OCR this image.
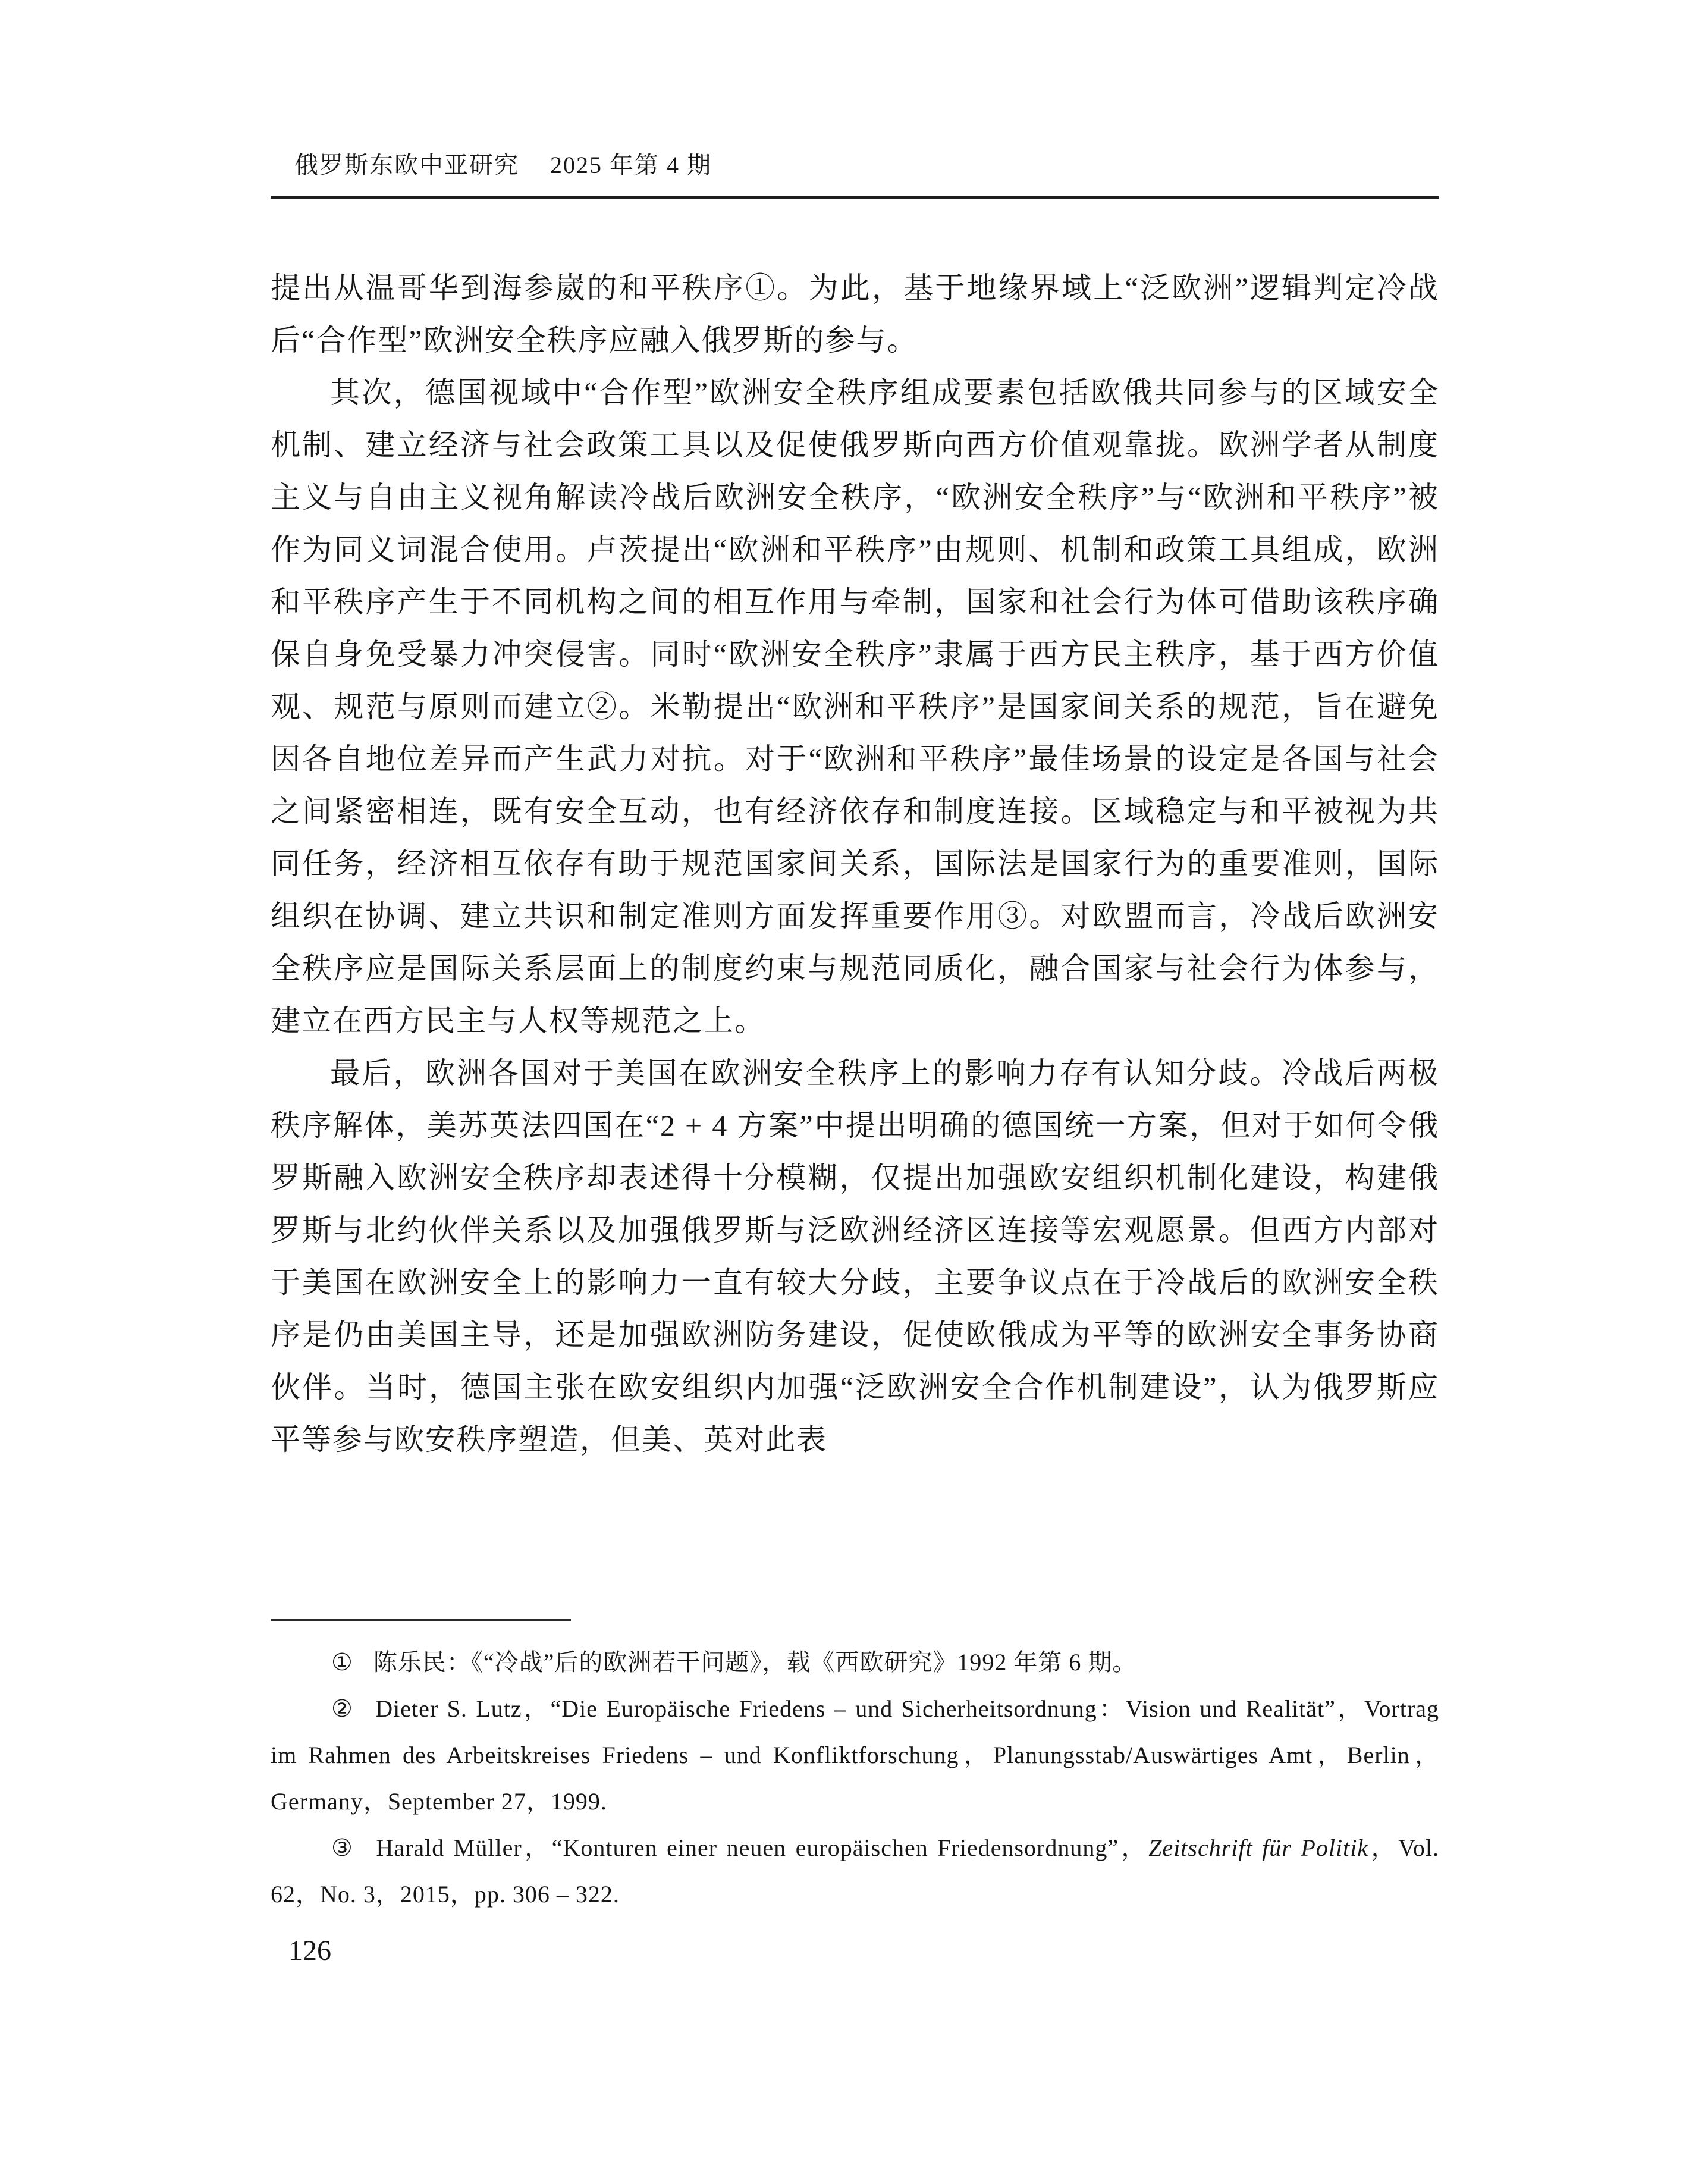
俄罗斯东欧中亚研究 2025 年第 4 期

提出从温哥华到海参崴的和平秩序①。为此，基于地缘界域上“泛欧洲”逻辑判定冷战后“合作型”欧洲安全秩序应融入俄罗斯的参与。

其次，德国视域中“合作型”欧洲安全秩序组成要素包括欧俄共同参与的区域安全机制、建立经济与社会政策工具以及促使俄罗斯向西方价值观靠拢。欧洲学者从制度主义与自由主义视角解读冷战后欧洲安全秩序，“欧洲安全秩序”与“欧洲和平秩序”被作为同义词混合使用。卢茨提出“欧洲和平秩序”由规则、机制和政策工具组成，欧洲和平秩序产生于不同机构之间的相互作用与牵制，国家和社会行为体可借助该秩序确保自身免受暴力冲突侵害。同时“欧洲安全秩序”隶属于西方民主秩序，基于西方价值观、规范与原则而建立②。米勒提出“欧洲和平秩序”是国家间关系的规范，旨在避免因各自地位差异而产生武力对抗。对于“欧洲和平秩序”最佳场景的设定是各国与社会之间紧密相连，既有安全互动，也有经济依存和制度连接。区域稳定与和平被视为共同任务，经济相互依存有助于规范国家间关系，国际法是国家行为的重要准则，国际组织在协调、建立共识和制定准则方面发挥重要作用③。对欧盟而言，冷战后欧洲安全秩序应是国际关系层面上的制度约束与规范同质化，融合国家与社会行为体参与，建立在西方民主与人权等规范之上。

最后，欧洲各国对于美国在欧洲安全秩序上的影响力存有认知分歧。冷战后两极秩序解体，美苏英法四国在“2 + 4 方案”中提出明确的德国统一方案，但对于如何令俄罗斯融入欧洲安全秩序却表述得十分模糊，仅提出加强欧安组织机制化建设，构建俄罗斯与北约伙伴关系以及加强俄罗斯与泛欧洲经济区连接等宏观愿景。但西方内部对于美国在欧洲安全上的影响力一直有较大分歧，主要争议点在于冷战后的欧洲安全秩序是仍由美国主导，还是加强欧洲防务建设，促使欧俄成为平等的欧洲安全事务协商伙伴。当时，德国主张在欧安组织内加强“泛欧洲安全合作机制建设”，认为俄罗斯应平等参与欧安秩序塑造，但美、英对此表

① 陈乐民：《“冷战”后的欧洲若干问题》，载《西欧研究》1992 年第 6 期。

② Dieter S. Lutz，“Die Europäische Friedens – und Sicherheitsordnung：Vision und Realität”，Vortrag im Rahmen des Arbeitskreises Friedens – und Konfliktforschung，Planungsstab/Auswärtiges Amt，Berlin，Germany，September 27，1999.

③ Harald Müller，“Konturen einer neuen europäischen Friedensordnung”，Zeitschrift für Politik，Vol. 62，No. 3，2015，pp. 306 – 322.

126
